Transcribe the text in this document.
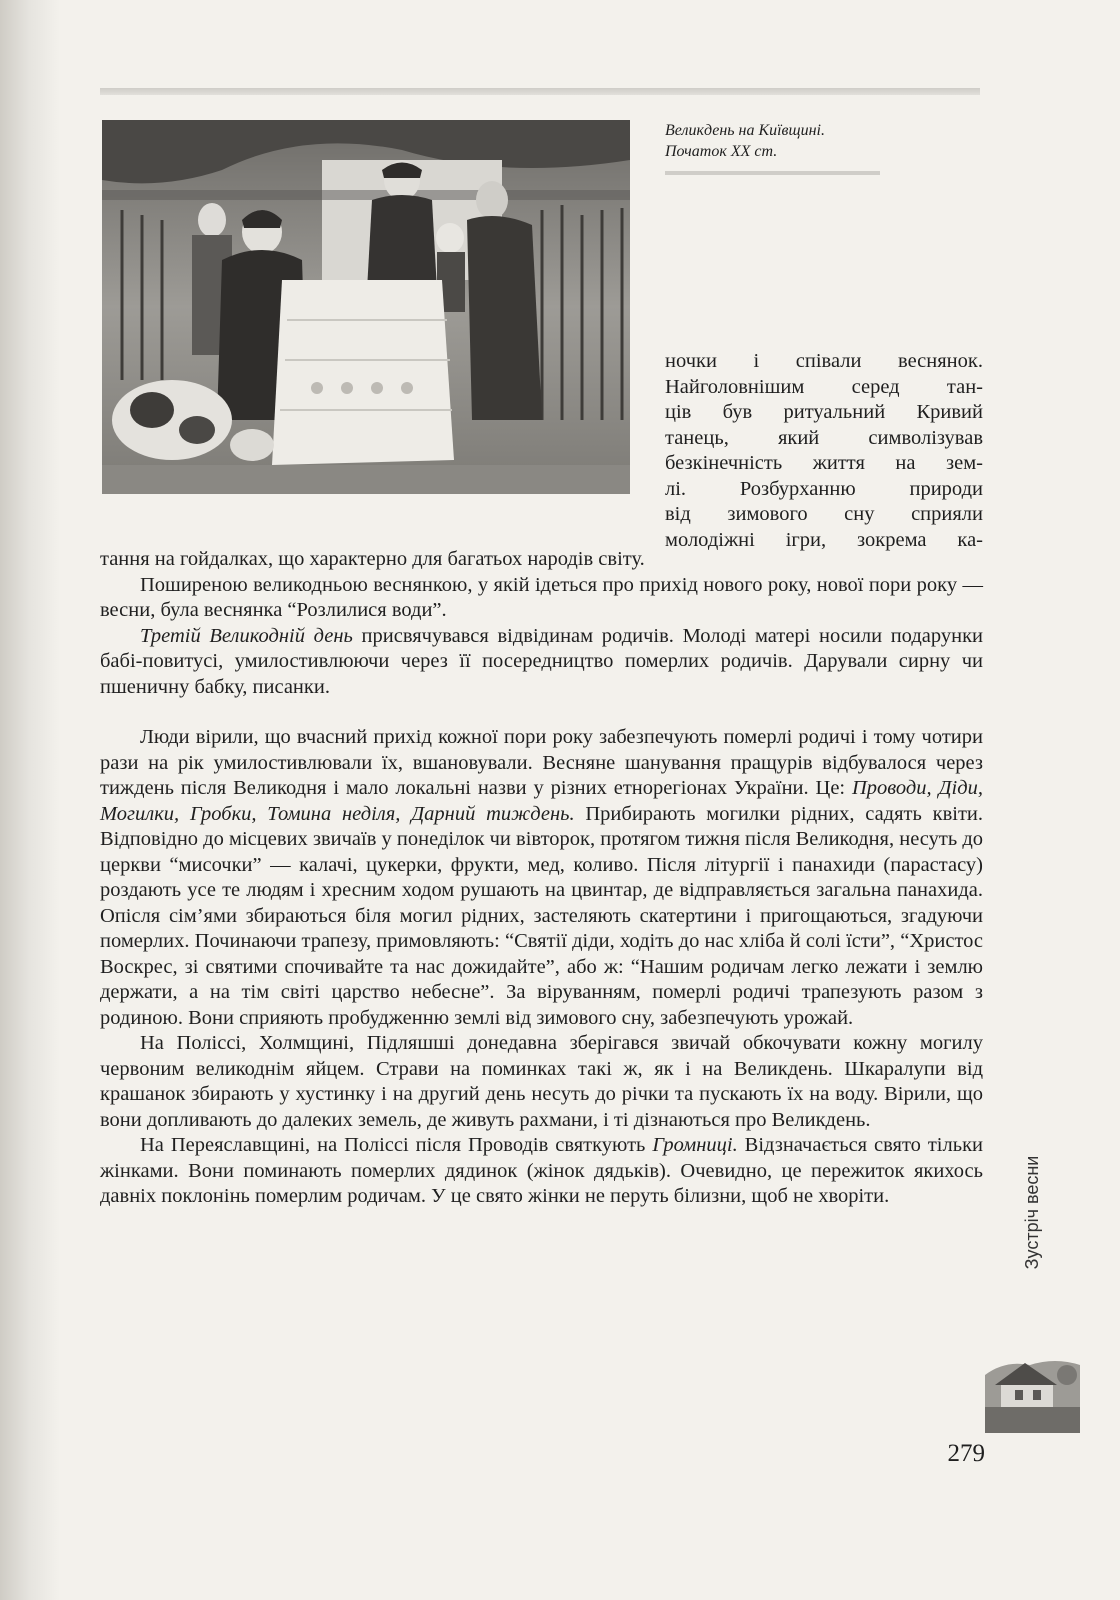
Великдень на Київщині.
Початок XX ст.
ночки і співали веснянок.
Найголовнішим серед тан-
ців був ритуальний Кривий
танець, який символізував
безкінечність життя на зем-
лі. Розбурханню природи
від зимового сну сприяли
молодіжні ігри, зокрема ка-

тання на гойдалках, що характерно для багатьох народів світу.

Поширеною великодньою веснянкою, у якій ідеться про прихід нового року, нової пори року — весни, була веснянка “Розлилися води”.

Третій Великодній день присвячувався відвідинам родичів. Молоді матері носили подарунки бабі-повитусі, умилостивлюючи через її посередництво померлих родичів. Дарували сирну чи пшеничну бабку, писанки.

Люди вірили, що вчасний прихід кожної пори року забезпечують померлі родичі і тому чотири рази на рік умилостивлювали їх, вшановували. Весняне шанування пращурів відбувалося через тиждень після Великодня і мало локальні назви у різних етнорегіонах України. Це: Проводи, Діди, Могилки, Гробки, Томина неділя, Дарний тиждень. Прибирають могилки рідних, садять квіти. Відповідно до місцевих звичаїв у понеділок чи вівторок, протягом тижня після Великодня, несуть до церкви “мисочки” — калачі, цукерки, фрукти, мед, коливо. Після літургії і панахиди (парастасу) роздають усе те людям і хресним ходом рушають на цвинтар, де відправляється загальна панахида. Опісля сім’ями збираються біля могил рідних, застеляють скатертини і пригощаються, згадуючи померлих. Починаючи трапезу, примовляють: “Святії діди, ходіть до нас хліба й солі їсти”, “Христос Воскрес, зі святими спочивайте та нас дожидайте”, або ж: “Нашим родичам легко лежати і землю держати, а на тім світі царство небесне”. За віруванням, померлі родичі трапезують разом з родиною. Вони сприяють пробудженню землі від зимового сну, забезпечують урожай.

На Поліссі, Холмщині, Підляшші донедавна зберігався звичай обкочувати кожну могилу червоним великоднім яйцем. Страви на поминках такі ж, як і на Великдень. Шкаралупи від крашанок збирають у хустинку і на другий день несуть до річки та пускають їх на воду. Вірили, що вони допливають до далеких земель, де живуть рахмани, і ті дізнаються про Великдень.

На Переяславщині, на Поліссі після Проводів святкують Громниці. Відзначається свято тільки жінками. Вони поминають померлих дядинок (жінок дядьків). Очевидно, це пережиток якихось давніх поклонінь померлим родичам. У це свято жінки не перуть білизни, щоб не хворіти.	Зустріч весни
279
